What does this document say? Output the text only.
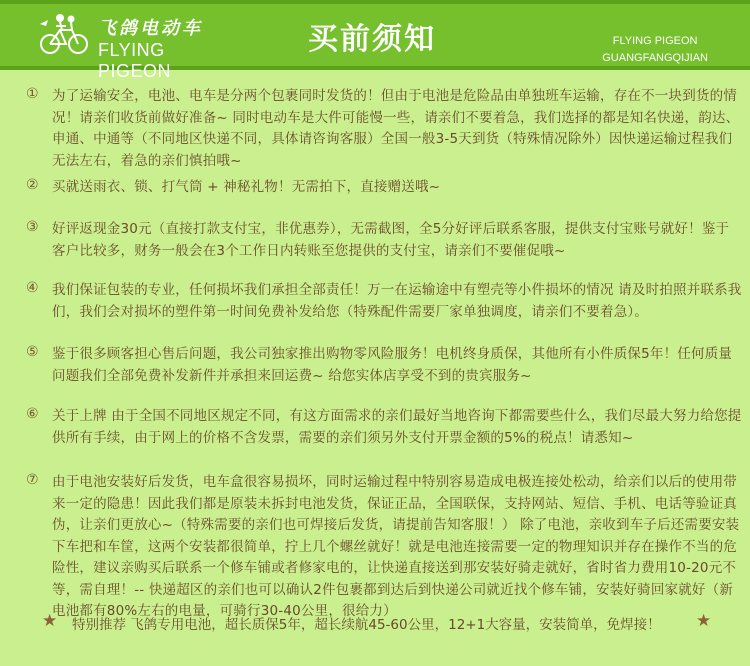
飞鸽电动车
FLYING PIGEON
买前须知	FLYING PIGEON
GUANGFANGQIJIAN
① 为了运输安全，电池、电车是分两个包裹同时发货的！但由于电池是危险品由单独班车运输，存在不一块到货的情况！请亲们收货前做好准备~ 同时电动车是大件可能慢一些，请亲们不要着急，我们选择的都是知名快递，韵达、申通、中通等（不同地区快递不同，具体请咨询客服）全国一般3-5天到货（特殊情况除外）因快递运输过程我们无法左右，着急的亲们慎拍哦~
② 买就送雨衣、锁、打气筒 + 神秘礼物！无需拍下，直接赠送哦~
③ 好评返现金30元（直接打款支付宝，非优惠券），无需截图，全5分好评后联系客服，提供支付宝账号就好！鉴于客户比较多，财务一般会在3个工作日内转账至您提供的支付宝，请亲们不要催促哦~
④ 我们保证包装的专业，任何损坏我们承担全部责任！万一在运输途中有塑壳等小件损坏的情况 请及时拍照并联系我们，我们会对损坏的塑件第一时间免费补发给您（特殊配件需要厂家单独调度，请亲们不要着急）。
⑤ 鉴于很多顾客担心售后问题，我公司独家推出购物零风险服务！电机终身质保，其他所有小件质保5年！任何质量问题我们全部免费补发新件并承担来回运费~ 给您实体店享受不到的贵宾服务~
⑥ 关于上牌 由于全国不同地区规定不同，有这方面需求的亲们最好当地咨询下都需要些什么，我们尽最大努力给您提供所有手续，由于网上的价格不含发票，需要的亲们须另外支付开票金额的5%的税点！请悉知~
⑦ 由于电池安装好后发货，电车盒很容易损坏，同时运输过程中特别容易造成电极连接处松动，给亲们以后的使用带来一定的隐患！因此我们都是原装未拆封电池发货，保证正品，全国联保，支持网站、短信、手机、电话等验证真伪，让亲们更放心~（特殊需要的亲们也可焊接后发货，请提前告知客服！） 除了电池，亲收到车子后还需要安装下车把和车筐，这两个安装都很简单，拧上几个螺丝就好！就是电池连接需要一定的物理知识并存在操作不当的危险性，建议亲购买后联系一个修车铺或者修家电的，让快递直接送到那安装好骑走就好，省时省力费用10-20元不等，需自理！-- 快递超区的亲们也可以确认2件包裹都到达后到快递公司就近找个修车铺，安装好骑回家就好（新电池都有80%左右的电量，可骑行30-40公里，很给力）
★ 特别推荐 飞鸽专用电池，超长质保5年，超长续航45-60公里，12+1大容量，安装简单，免焊接！ ★
